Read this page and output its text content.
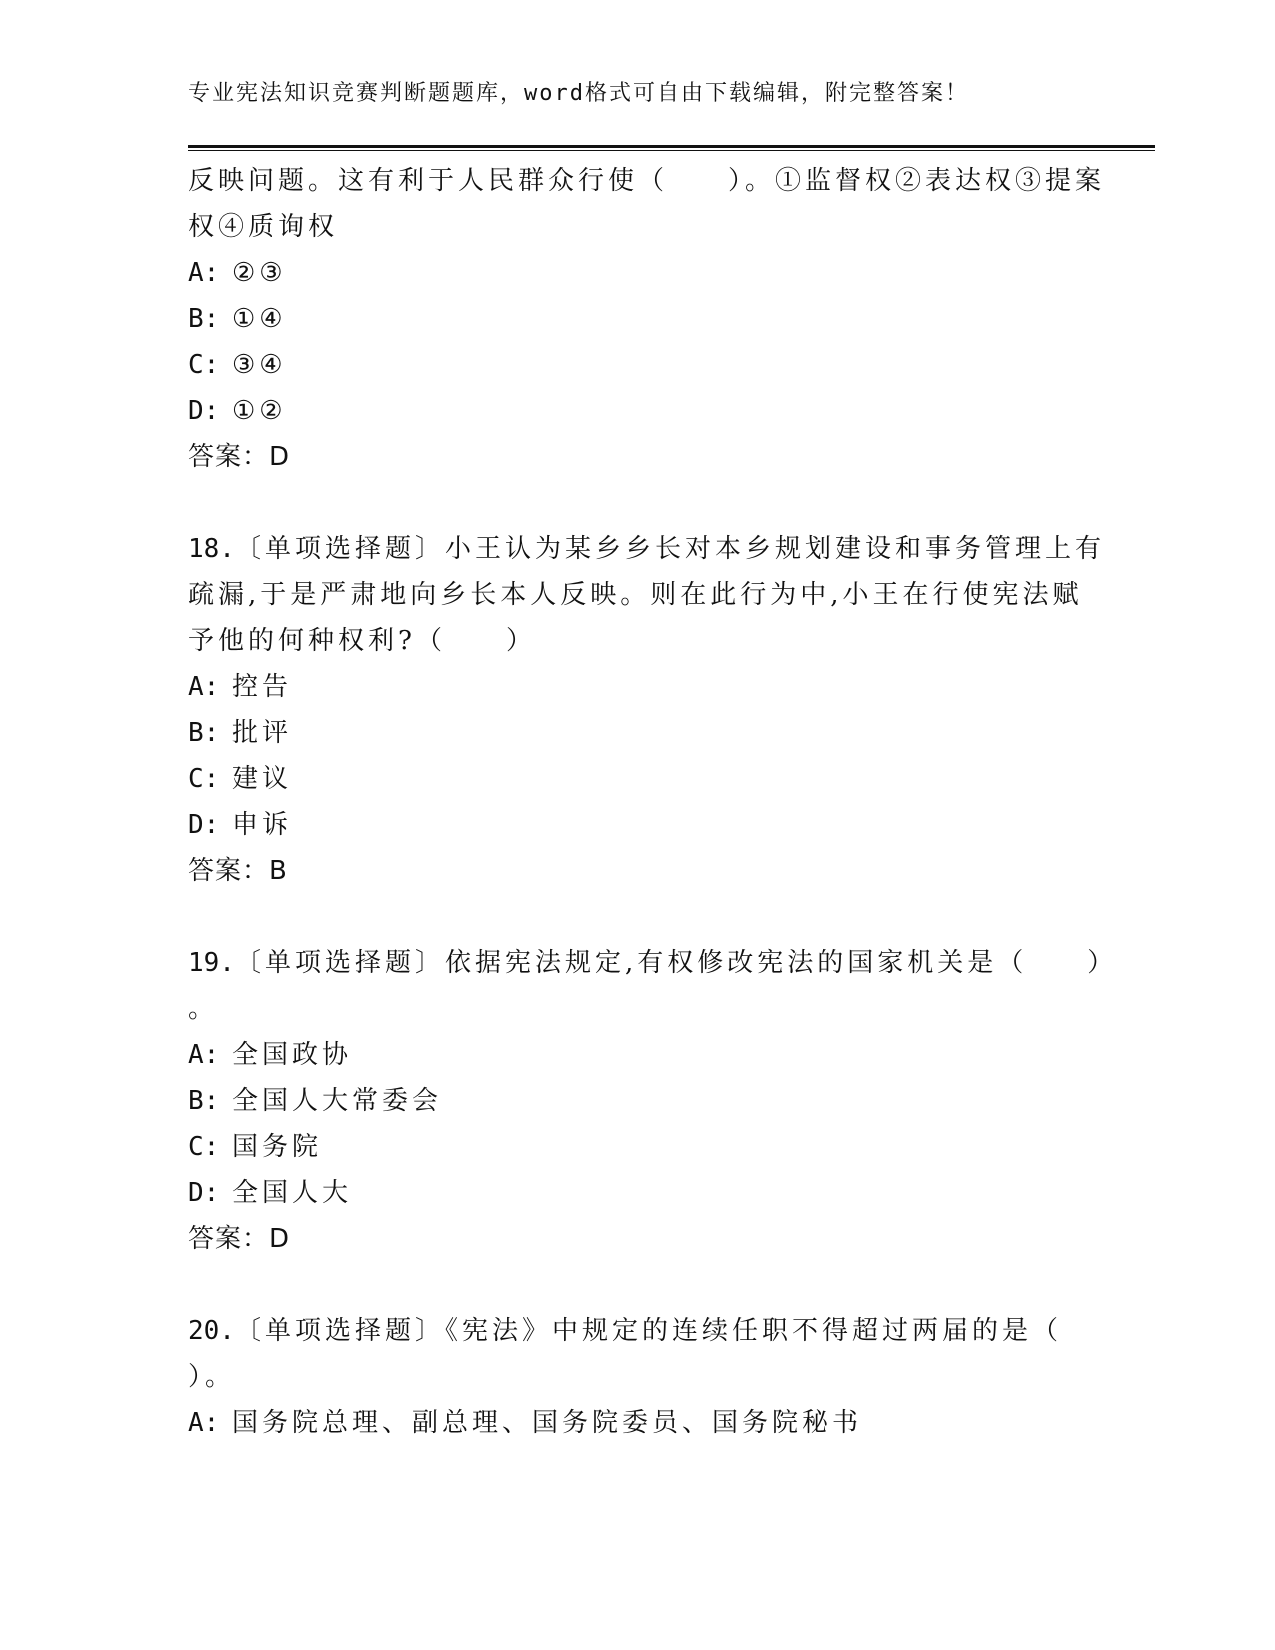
专业宪法知识竞赛判断题题库，word格式可自由下载编辑，附完整答案！
反映问题。这有利于人民群众行使（　　）。①监督权②表达权③提案
权④质询权
A: ②③
B: ①④
C: ③④
D: ①②
答案：D
18.〔单项选择题〕小王认为某乡乡长对本乡规划建设和事务管理上有
疏漏,于是严肃地向乡长本人反映。则在此行为中,小王在行使宪法赋
予他的何种权利?（　　）
A: 控告
B: 批评
C: 建议
D: 申诉
答案：B
19.〔单项选择题〕依据宪法规定,有权修改宪法的国家机关是（　　）
。
A: 全国政协
B: 全国人大常委会
C: 国务院
D: 全国人大
答案：D
20.〔单项选择题〕《宪法》中规定的连续任职不得超过两届的是（
）。
A: 国务院总理、副总理、国务院委员、国务院秘书
